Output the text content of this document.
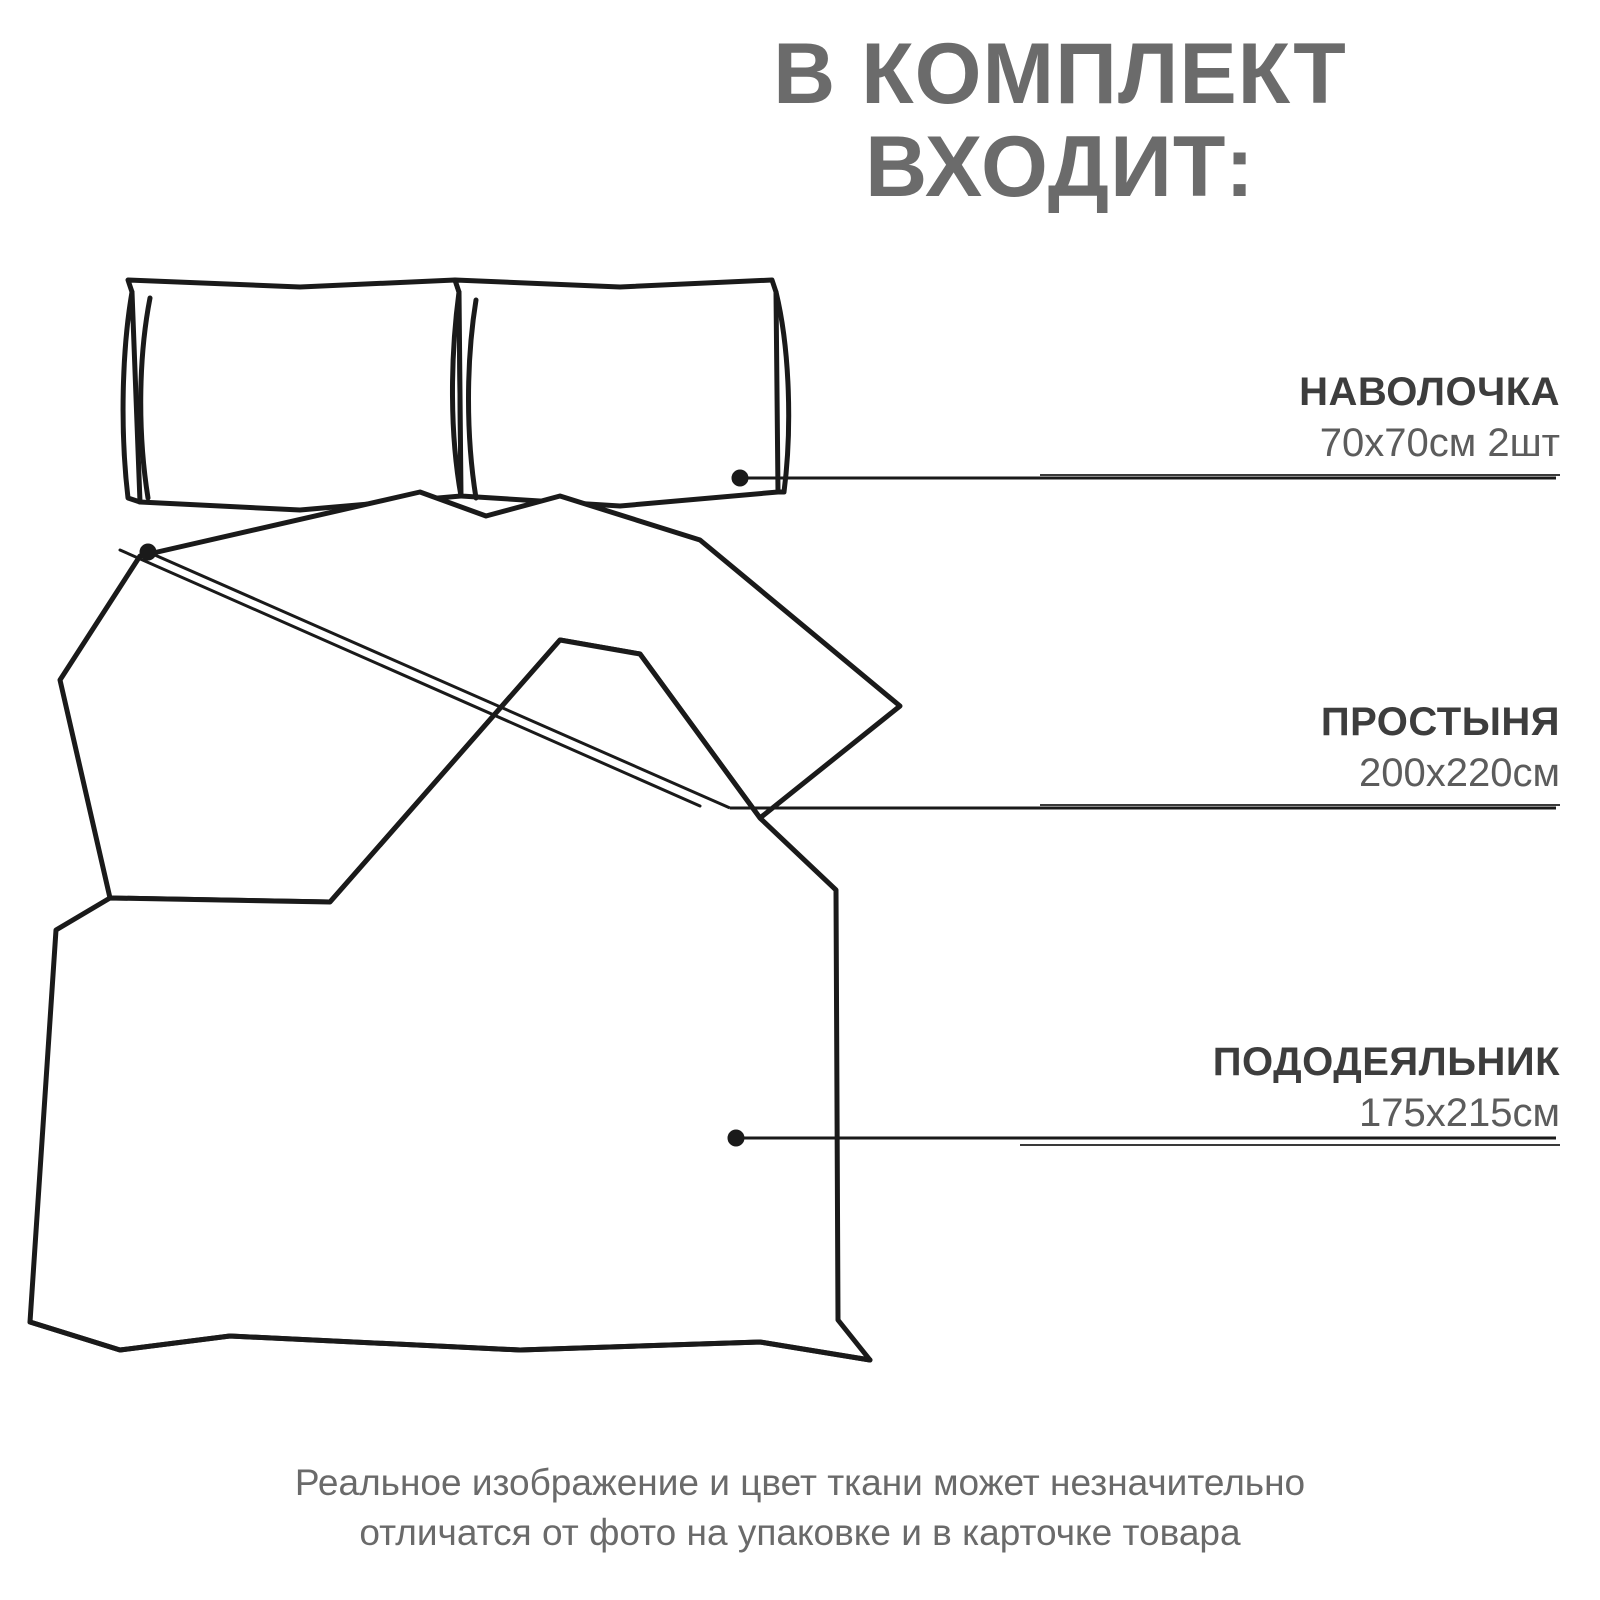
В КОМПЛЕКТ
ВХОДИТ:
НАВОЛОЧКА
70х70см 2шт
ПРОСТЫНЯ
200х220см
ПОДОДЕЯЛЬНИК
175х215см
Реальное изображение и цвет ткани может незначительно
отличатся от фото на упаковке и в карточке товара
